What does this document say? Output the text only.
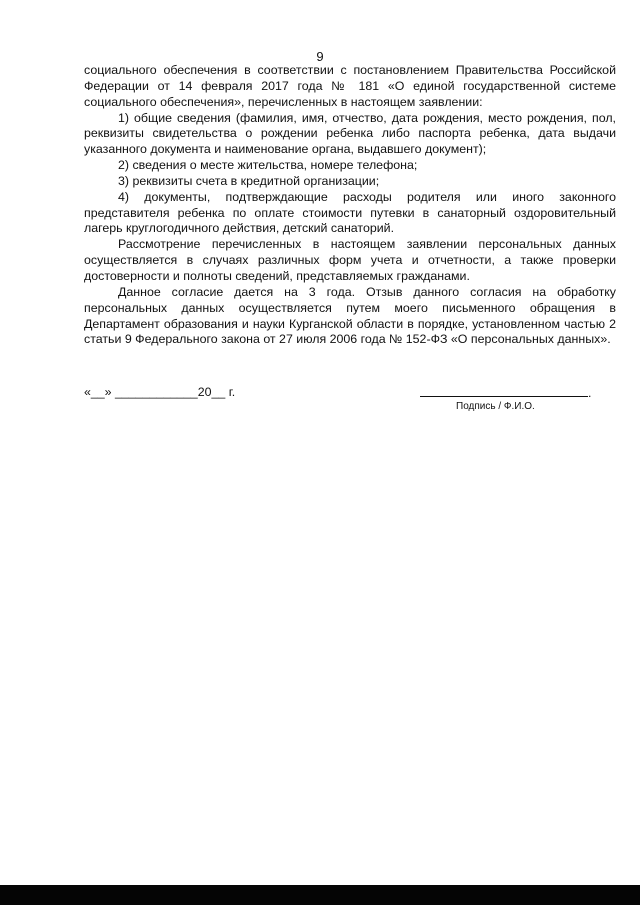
9

социального обеспечения в соответствии с постановлением Правительства Российской Федерации от 14 февраля 2017 года № 181 «О единой государственной системе социального обеспечения», перечисленных в настоящем заявлении:

1) общие сведения (фамилия, имя, отчество, дата рождения, место рождения, пол, реквизиты свидетельства о рождении ребенка либо паспорта ребенка, дата выдачи указанного документа и наименование органа, выдавшего документ);

2) сведения о месте жительства, номере телефона;

3) реквизиты счета в кредитной организации;

4) документы, подтверждающие расходы родителя или иного законного представителя ребенка по оплате стоимости путевки в санаторный оздоровительный лагерь круглогодичного действия, детский санаторий.

Рассмотрение перечисленных в настоящем заявлении персональных данных осуществляется в случаях различных форм учета и отчетности, а также проверки достоверности и полноты сведений, представляемых гражданами.

Данное согласие дается на 3 года. Отзыв данного согласия на обработку персональных данных осуществляется путем моего письменного обращения в Департамент образования и науки Курганской области в порядке, установленном частью 2 статьи 9 Федерального закона от 27 июля 2006 года № 152-ФЗ «О персональных данных».

«__» ____________20__ г.	.
Подпись / Ф.И.О.
